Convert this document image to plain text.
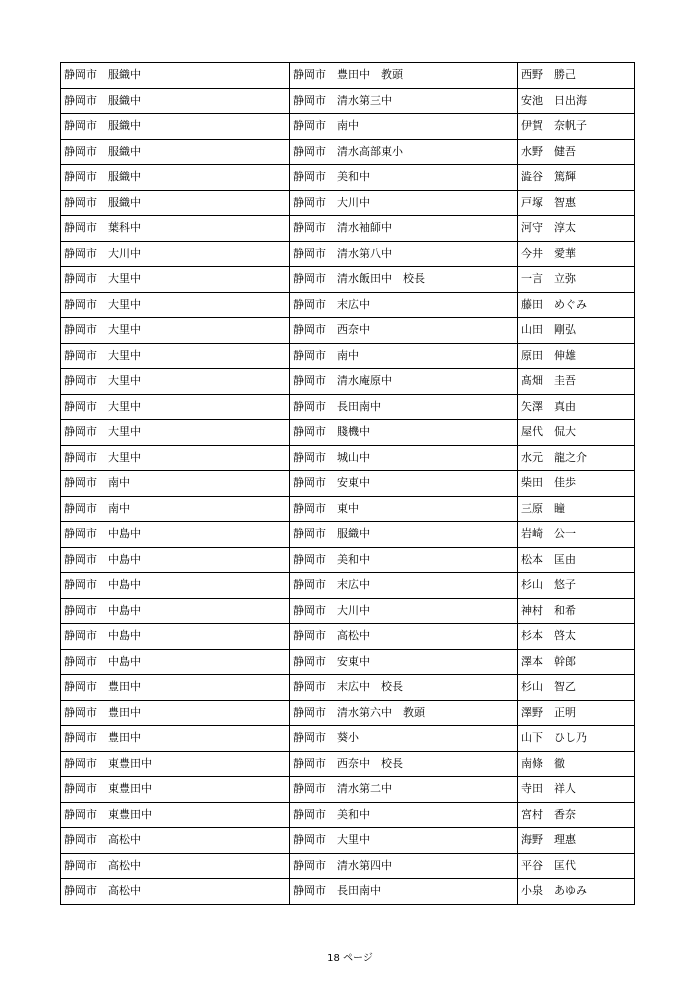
静岡市　服織中	静岡市　豊田中　教頭	西野　勝己
静岡市　服織中	静岡市　清水第三中	安池　日出海
静岡市　服織中	静岡市　南中	伊賀　奈帆子
静岡市　服織中	静岡市　清水高部東小	水野　健吾
静岡市　服織中	静岡市　美和中	澁谷　篤輝
静岡市　服織中	静岡市　大川中	戸塚　智惠
静岡市　葉科中	静岡市　清水袖師中	河守　淳太
静岡市　大川中	静岡市　清水第八中	今井　愛華
静岡市　大里中	静岡市　清水飯田中　校長	一言　立弥
静岡市　大里中	静岡市　末広中	藤田　めぐみ
静岡市　大里中	静岡市　西奈中	山田　剛弘
静岡市　大里中	静岡市　南中	原田　伸雄
静岡市　大里中	静岡市　清水庵原中	髙畑　圭吾
静岡市　大里中	静岡市　長田南中	矢澤　真由
静岡市　大里中	静岡市　賤機中	屋代　侃大
静岡市　大里中	静岡市　城山中	水元　龍之介
静岡市　南中	静岡市　安東中	柴田　佳歩
静岡市　南中	静岡市　東中	三原　瞳
静岡市　中島中	静岡市　服織中	岩崎　公一
静岡市　中島中	静岡市　美和中	松本　匡由
静岡市　中島中	静岡市　末広中	杉山　悠子
静岡市　中島中	静岡市　大川中	神村　和希
静岡市　中島中	静岡市　高松中	杉本　啓太
静岡市　中島中	静岡市　安東中	澤本　幹郎
静岡市　豊田中	静岡市　末広中　校長	杉山　智乙
静岡市　豊田中	静岡市　清水第六中　教頭	澤野　正明
静岡市　豊田中	静岡市　葵小	山下　ひし乃
静岡市　東豊田中	静岡市　西奈中　校長	南條　徹
静岡市　東豊田中	静岡市　清水第二中	寺田　祥人
静岡市　東豊田中	静岡市　美和中	宮村　香奈
静岡市　高松中	静岡市　大里中	海野　理惠
静岡市　高松中	静岡市　清水第四中	平谷　匡代
静岡市　高松中	静岡市　長田南中	小泉　あゆみ
18 ページ
